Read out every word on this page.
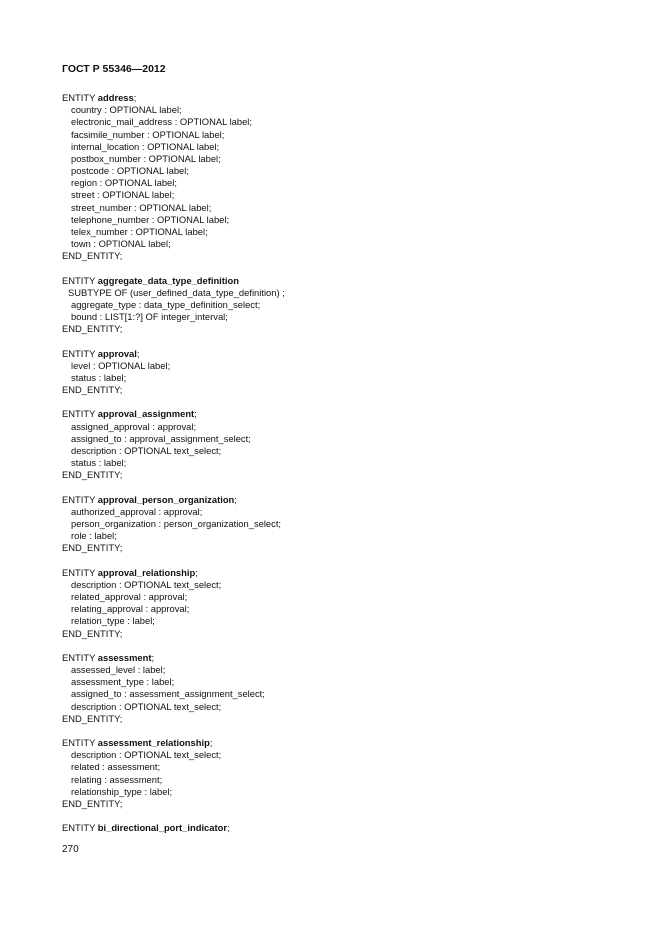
ГОСТ Р 55346—2012
ENTITY address;
country : OPTIONAL label;
electronic_mail_address : OPTIONAL label;
facsimile_number : OPTIONAL label;
internal_location : OPTIONAL label;
postbox_number : OPTIONAL label;
postcode : OPTIONAL label;
region : OPTIONAL label;
street : OPTIONAL label;
street_number : OPTIONAL label;
telephone_number : OPTIONAL label;
telex_number : OPTIONAL label;
town : OPTIONAL label;
END_ENTITY;
ENTITY aggregate_data_type_definition
SUBTYPE OF (user_defined_data_type_definition) ;
aggregate_type : data_type_definition_select;
bound : LIST[1:?] OF integer_interval;
END_ENTITY;
ENTITY approval;
level : OPTIONAL label;
status : label;
END_ENTITY;
ENTITY approval_assignment;
assigned_approval : approval;
assigned_to : approval_assignment_select;
description : OPTIONAL text_select;
status : label;
END_ENTITY;
ENTITY approval_person_organization;
authorized_approval : approval;
person_organization : person_organization_select;
role : label;
END_ENTITY;
ENTITY approval_relationship;
description : OPTIONAL text_select;
related_approval : approval;
relating_approval : approval;
relation_type : label;
END_ENTITY;
ENTITY assessment;
assessed_level : label;
assessment_type : label;
assigned_to : assessment_assignment_select;
description : OPTIONAL text_select;
END_ENTITY;
ENTITY assessment_relationship;
description : OPTIONAL text_select;
related : assessment;
relating : assessment;
relationship_type : label;
END_ENTITY;
ENTITY bi_directional_port_indicator;
270
